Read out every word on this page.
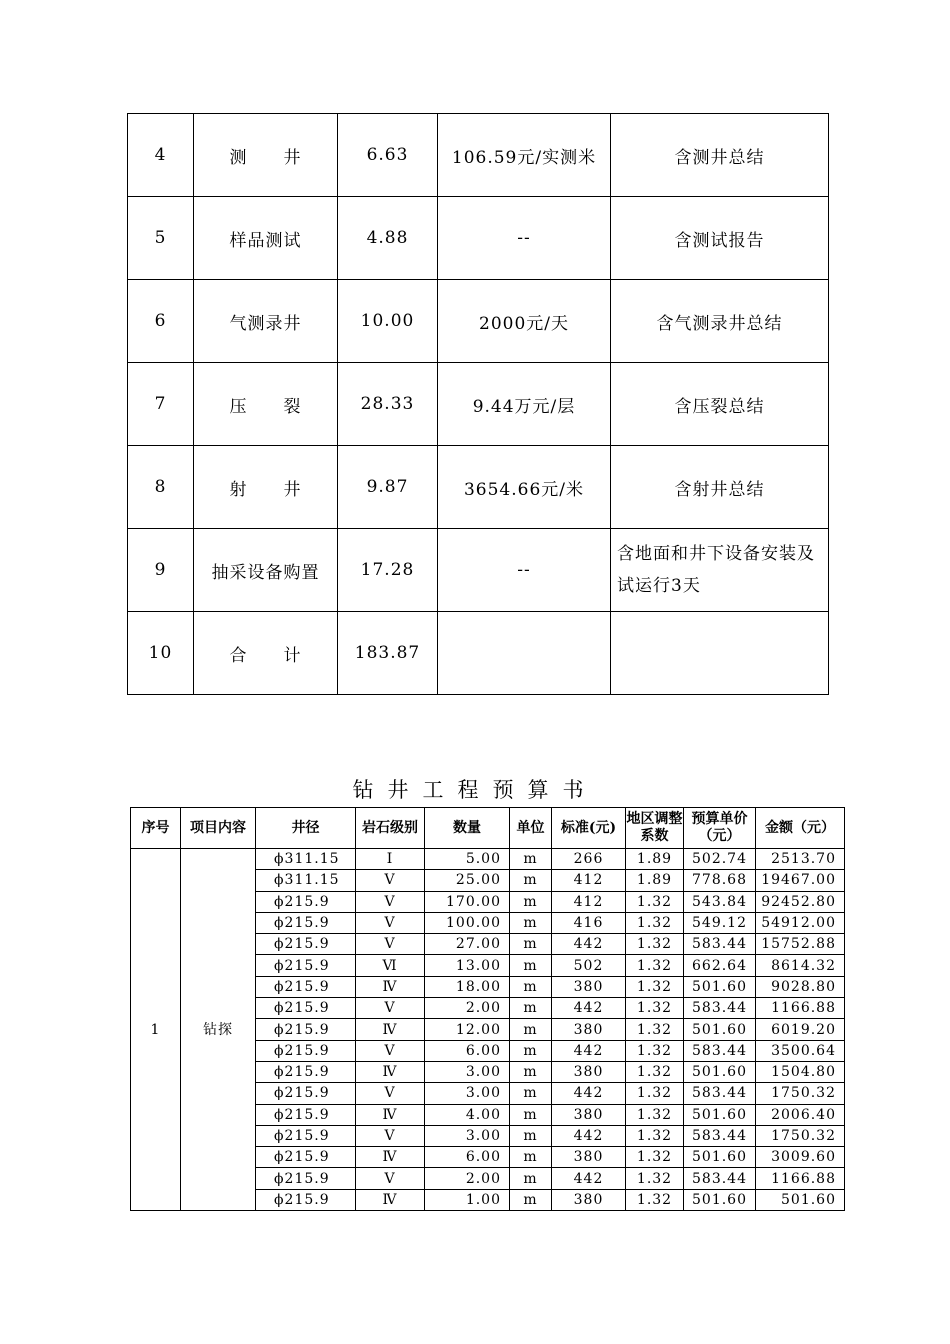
4	测　　井	6.63	106.59元/实测米	含测井总结
5	样品测试	4.88	--	含测试报告
6	气测录井	10.00	2000元/天	含气测录井总结
7	压　　裂	28.33	9.44万元/层	含压裂总结
8	射　　井	9.87	3654.66元/米	含射井总结
9	抽采设备购置	17.28	--	含地面和井下设备安装及试运行3天
10	合　　计	183.87		
钻井工程预算书
序号	项目内容	井径	岩石级别	数量	单位	标准(元)	地区调整系数	预算单价（元）	金额（元）
1	钻探	ϕ311.15	I	5.00	m	266	1.89	502.74	2513.70
		ϕ311.15	V	25.00	m	412	1.89	778.68	19467.00
		ϕ215.9	V	170.00	m	412	1.32	543.84	92452.80
		ϕ215.9	V	100.00	m	416	1.32	549.12	54912.00
		ϕ215.9	V	27.00	m	442	1.32	583.44	15752.88
		ϕ215.9	Ⅵ	13.00	m	502	1.32	662.64	8614.32
		ϕ215.9	Ⅳ	18.00	m	380	1.32	501.60	9028.80
		ϕ215.9	V	2.00	m	442	1.32	583.44	1166.88
		ϕ215.9	Ⅳ	12.00	m	380	1.32	501.60	6019.20
		ϕ215.9	V	6.00	m	442	1.32	583.44	3500.64
		ϕ215.9	Ⅳ	3.00	m	380	1.32	501.60	1504.80
		ϕ215.9	V	3.00	m	442	1.32	583.44	1750.32
		ϕ215.9	Ⅳ	4.00	m	380	1.32	501.60	2006.40
		ϕ215.9	V	3.00	m	442	1.32	583.44	1750.32
		ϕ215.9	Ⅳ	6.00	m	380	1.32	501.60	3009.60
		ϕ215.9	V	2.00	m	442	1.32	583.44	1166.88
		ϕ215.9	Ⅳ	1.00	m	380	1.32	501.60	501.60
